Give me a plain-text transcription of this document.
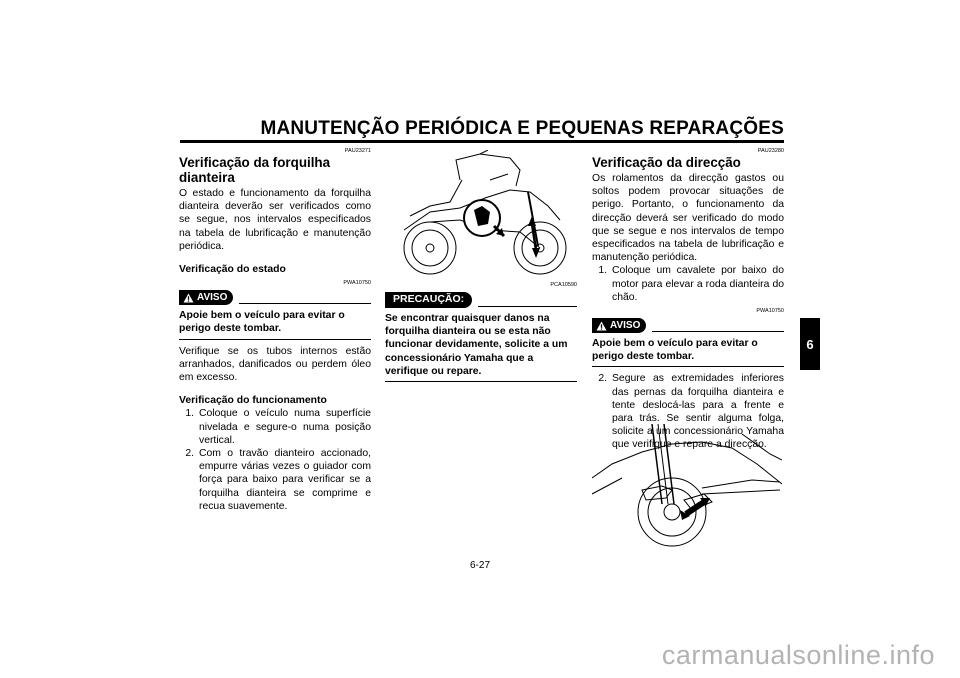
MANUTENÇÃO PERIÓDICA E PEQUENAS REPARAÇÕES
PAU23271
Verificação da forquilha dianteira
O estado e funcionamento da forquilha dianteira deverão ser verificados como se segue, nos intervalos especificados na tabela de lubrificação e manutenção periódica.
Verificação do estado
PWA10750
AVISO
Apoie bem o veículo para evitar o perigo deste tombar.
Verifique se os tubos internos estão arranhados, danificados ou perdem óleo em excesso.
Verificação do funcionamento
1. Coloque o veículo numa superfície nivelada e segure-o numa posição vertical.
2. Com o travão dianteiro accionado, empurre várias vezes o guiador com força para baixo para verificar se a forquilha dianteira se comprime e recua suavemente.
PCA10590
PRECAUÇÃO:
Se encontrar quaisquer danos na forquilha dianteira ou se esta não funcionar devidamente, solicite a um concessionário Yamaha que a verifique ou repare.
PAU23280
Verificação da direcção
Os rolamentos da direcção gastos ou soltos podem provocar situações de perigo. Portanto, o funcionamento da direcção deverá ser verificado do modo que se segue e nos intervalos de tempo especificados na tabela de lubrificação e manutenção periódica.
1. Coloque um cavalete por baixo do motor para elevar a roda dianteira do chão.
PWA10750
AVISO
Apoie bem o veículo para evitar o perigo deste tombar.
2. Segure as extremidades inferiores das pernas da forquilha dianteira e tente deslocá-las para a frente e para trás. Se sentir alguma folga, solicite a um concessionário Yamaha que verifique e repare a direcção.
6
6-27
carmanualsonline.info
